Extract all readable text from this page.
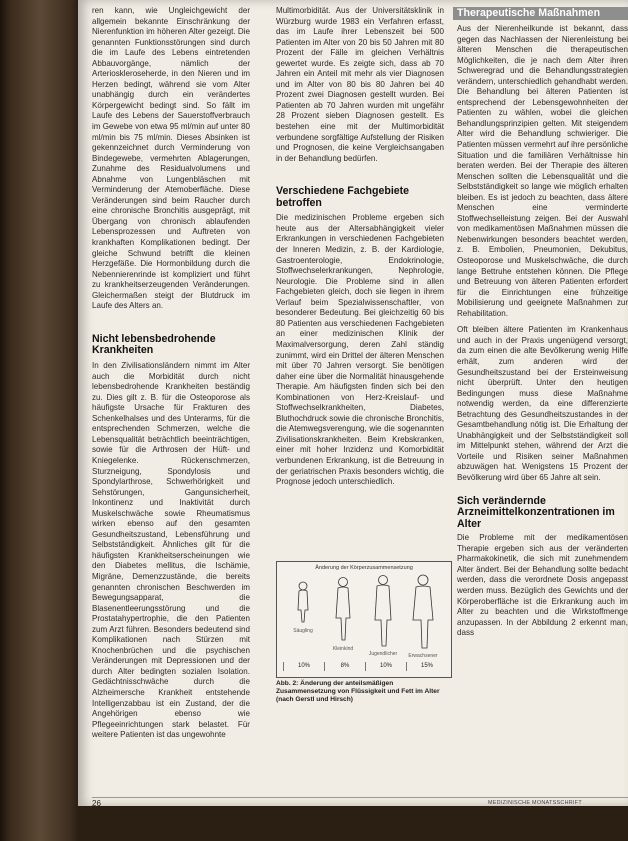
ren kann, wie Ungleichgewicht der allgemein bekannte Einschränkung der Nierenfunktion im höheren Alter gezeigt. Die genannten Funktionsstörungen sind durch die im Laufe des Lebens eintretenden Abbauvorgänge, nämlich der Arterioskleroseherde, in den Nieren und im Herzen bedingt, während sie vom Alter unabhängig durch ein verändertes Körpergewicht bedingt sind. So fällt im Laufe des Lebens der Sauerstoffverbrauch im Gewebe von etwa 95 ml/min auf unter 80 ml/min bis 75 ml/min. Dieses Absinken ist gekennzeichnet durch Verminderung von Bindegewebe, vermehrten Ablagerungen, Zunahme des Residualvolumens und Abnahme von Lungenbläschen mit Verminderung der Atemoberfläche. Diese Veränderungen sind beim Raucher durch eine chronische Bronchitis ausgeprägt, mit Übergang von chronisch ablaufenden Lebensprozessen und Auftreten von krankhaften Komplikationen bedingt. Der gleiche Schwund betrifft die kleinen Herzgefäße. Die Hormonbildung durch die Nebennierenrinde ist kompliziert und führt zu krankheitserzeugenden Veränderungen. Gleichermaßen steigt der Blutdruck im Laufe des Alters an.

Nicht lebensbedrohende Krankheiten

In den Zivilisationsländern nimmt im Alter auch die Morbidität durch nicht lebensbedrohende Krankheiten beständig zu. Dies gilt z. B. für die Osteoporose als häufigste Ursache für Frakturen des Schenkelhalses und des Unterarms, für die entsprechenden Schmerzen, welche die Lebensqualität beträchtlich beeinträchtigen, sowie für die Arthrosen der Hüft- und Kniegelenke. Rückenschmerzen, Sturzneigung, Spondylosis und Spondylarthrose, Schwerhörigkeit und Sehstörungen, Gangunsicherheit, Inkontinenz und Inaktivität durch Muskelschwäche sowie Rheumatismus wirken ebenso auf den gesamten Gesundheitszustand, Lebensführung und Selbstständigkeit. Ähnliches gilt für die häufigsten Krankheitserscheinungen wie den Diabetes mellitus, die Ischämie, Migräne, Demenzzustände, die bereits genannten chronischen Beschwerden im Bewegungsapparat, die Blasenentleerungsstörung und die Prostatahypertrophie, die den Patienten zum Arzt führen. Besonders bedeutend sind Komplikationen nach Stürzen mit Knochenbrüchen und die psychischen Veränderungen mit Depressionen und der durch Alter bedingten sozialen Isolation. Gedächtnisschwäche durch die Alzheimersche Krankheit entstehende Intelligenzabbau ist ein Zustand, der die Angehörigen ebenso wie Pflegeeinrichtungen stark belastet. Für weitere Patienten ist das ungewohnte

Multimorbidität. Aus der Universitätsklinik in Würzburg wurde 1983 ein Verfahren erfasst, das im Laufe ihrer Lebenszeit bei 500 Patienten im Alter von 20 bis 50 Jahren mit 80 Prozent der Fälle im gleichen Verhältnis gewertet wurde. Es zeigte sich, dass ab 70 Jahren ein Anteil mit mehr als vier Diagnosen und im Alter von 80 bis 80 Jahren bei 40 Prozent zwei Diagnosen gestellt wurden. Bei Patienten ab 70 Jahren wurden mit ungefähr 28 Prozent sieben Diagnosen gestellt. Es bestehen eine mit der Multimorbidität verbundene sorgfältige Aufstellung der Risiken und Prognosen, die keine Vergleichsangaben in der Behandlung bedürfen.

Verschiedene Fachgebiete betroffen

Die medizinischen Probleme ergeben sich heute aus der Altersabhängigkeit vieler Erkrankungen in verschiedenen Fachgebieten der Inneren Medizin, z. B. der Kardiologie, Gastroenterologie, Endokrinologie, Stoffwechselerkrankungen, Nephrologie, Neurologie. Die Probleme sind in allen Fachgebieten gleich, doch sie liegen in ihrem Verlauf beim Spezialwissenschaftler, von besonderer Bedeutung. Bei gleichzeitig 60 bis 80 Patienten aus verschiedenen Fachgebieten an einer medizinischen Klinik der Maximalversorgung, deren Zahl ständig zunimmt, wird ein Drittel der älteren Menschen mit über 70 Jahren versorgt. Sie benötigen daher eine über die Normalität hinausgehende Therapie. Am häufigsten finden sich bei den Kombinationen von Herz-Kreislauf- und Stoffwechselkrankheiten, Diabetes, Bluthochdruck sowie die chronische Bronchitis, die Atemwegsverengung, wie die sogenannten Zivilisationskrankheiten. Beim Krebskranken, einer mit hoher Inzidenz und Komorbidität verbundenen Erkrankung, ist die Betreuung in der geriatrischen Praxis besonders wichtig, die Prognose jedoch unterschiedlich.

Therapeutische Maßnahmen

Aus der Nierenheilkunde ist bekannt, dass gegen das Nachlassen der Nierenleistung bei älteren Menschen die therapeutischen Möglichkeiten, die je nach dem Alter ihren Schweregrad und die Behandlungsstrategien verändern, unterschiedlich gehandhabt werden. Die Behandlung bei älteren Patienten ist entsprechend der Lebensgewohnheiten der Patienten zu wählen, wobei die gleichen Behandlungsprinzipien gelten. Mit steigendem Alter wird die Behandlung schwieriger. Die Patienten müssen vermehrt auf ihre persönliche Situation und die familiären Verhältnisse hin beraten werden. Bei der Therapie des älteren Menschen sollten die Lebensqualität und die Selbstständigkeit so lange wie möglich erhalten bleiben. Es ist jedoch zu beachten, dass ältere Menschen eine verminderte Stoffwechselleistung zeigen. Bei der Auswahl von medikamentösen Maßnahmen müssen die Nebenwirkungen besonders beachtet werden, z. B. Embolien, Pneumonien, Dekubitus, Osteoporose und Muskelschwäche, die durch lange Bettruhe entstehen können. Die Pflege und Betreuung von älteren Patienten erfordert für die Einrichtungen eine frühzeitige Mobilisierung und geeignete Maßnahmen zur Rehabilitation.

Oft bleiben ältere Patienten im Krankenhaus und auch in der Praxis ungenügend versorgt, da zum einen die alte Bevölkerung wenig Hilfe erhält, zum anderen wird der Gesundheitszustand bei der Ersteinweisung nicht überprüft. Unter den heutigen Bedingungen muss diese Maßnahme notwendig werden, da eine differenzierte Betrachtung des Gesundheitszustandes in der Gesamtbehandlung nötig ist. Die Erhaltung der Unabhängigkeit und der Selbstständigkeit soll im Mittelpunkt stehen, während der Arzt die Vorteile und Risiken seiner Maßnahmen abzuwägen hat. Wenigstens 15 Prozent der Bevölkerung wird über 65 Jahre alt sein.

Sich verändernde Arzneimittelkonzentrationen im Alter

Die Probleme mit der medikamentösen Therapie ergeben sich aus der veränderten Pharmakokinetik, die sich mit zunehmendem Alter ändert. Bei der Behandlung sollte bedacht werden, dass die verordnete Dosis angepasst werden muss. Bezüglich des Gewichts und der Körperoberfläche ist die Erkrankung auch im Alter zu beachten und die Wirkstoffmenge anzupassen. In der Abbildung 2 erkennt man, dass

Änderung der Körperzusammensetzung
Säugling
Kleinkind
Jugendlicher Erwachsener
10%	8%	10%	15%
Abb. 2: Änderung der anteilsmäßigen Zusammensetzung von Flüssigkeit und Fett im Alter (nach Gerstl und Hirsch)
26	MEDIZINISCHE MONATSSCHRIFT
